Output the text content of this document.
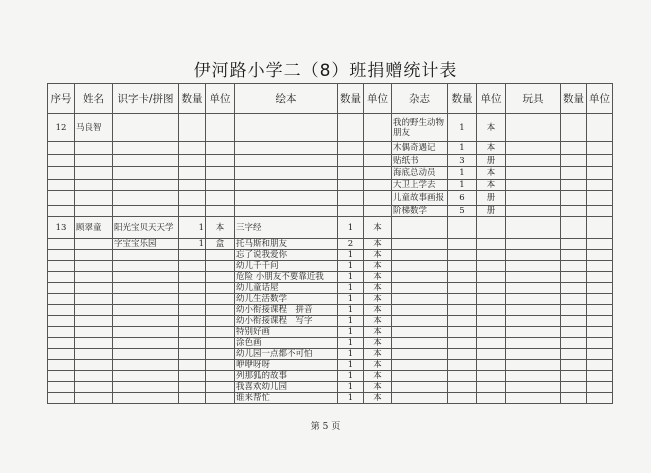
伊河路小学二（8）班捐赠统计表
序号	姓名	识字卡/拼图	数量	单位	绘本	数量	单位	杂志	数量	单位	玩具	数量	单位
12	马良智							我的野生动物朋友	1	本			
								木偶奇遇记	1	本			
								贴纸书	3	册			
								海底总动员	1	本			
								大卫上学去	1	本			
								儿童故事画报	6	册			
								阶梯数学	5	册			
13	顾翠童	阳光宝贝天天学	1	本	三字经	1	本						
		字宝宝乐园	1	盒	托马斯和朋友	2	本						
					忘了说我爱你	1	本						
					幼儿千千问	1	本						
					危险 小朋友不要靠近我	1	本						
					幼儿童话屋	1	本						
					幼儿生活数学	1	本						
					幼小衔接课程　拼音	1	本						
					幼小衔接课程　写字	1	本						
					特别好画	1	本						
					涂色画	1	本						
					幼儿园一点都不可怕	1	本						
					咿咿呀呀	1	本						
					列那狐的故事	1	本						
					我喜欢幼儿园	1	本						
					谁来帮忙	1	本						
第 5 页
